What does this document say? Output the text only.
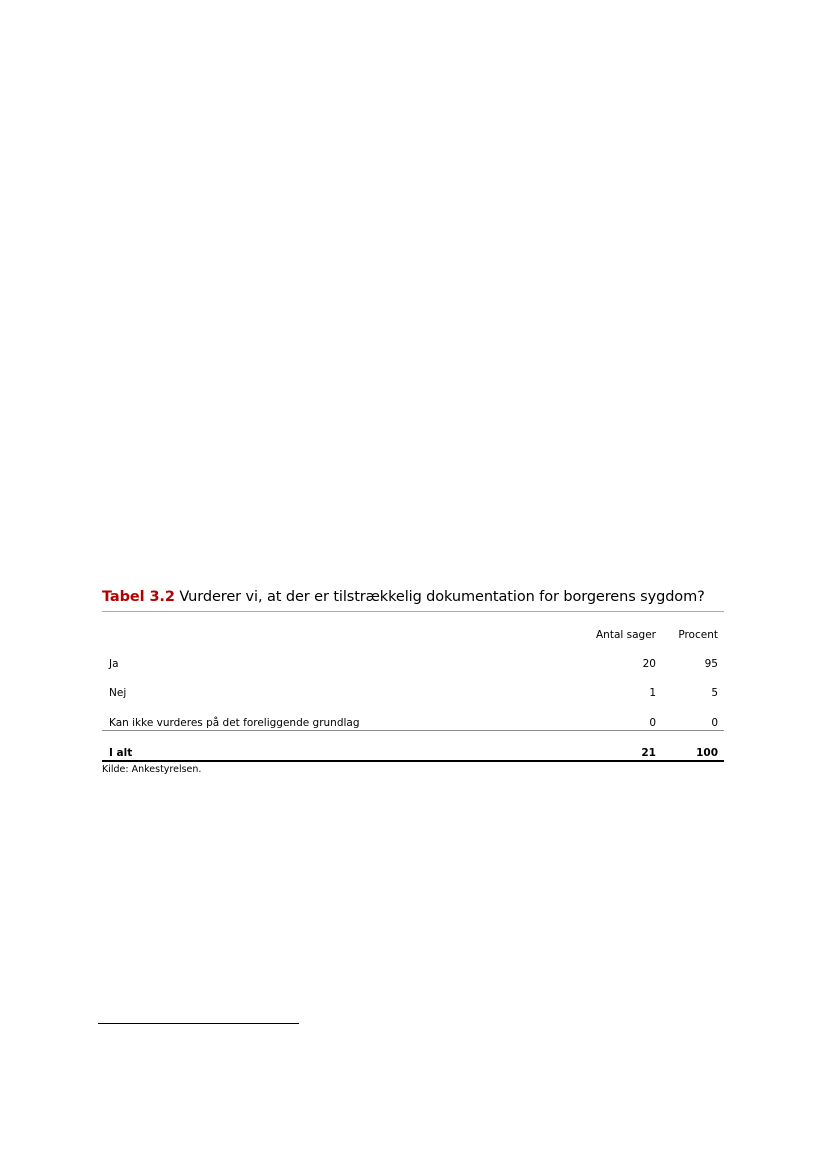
Tabel 3.2 Vurderer vi, at der er tilstrækkelig dokumentation for borgerens sygdom?
	Antal sager	Procent
Ja	20	95
Nej	1	5
Kan ikke vurderes på det foreliggende grundlag	0	0
I alt	21	100
Kilde: Ankestyrelsen.
